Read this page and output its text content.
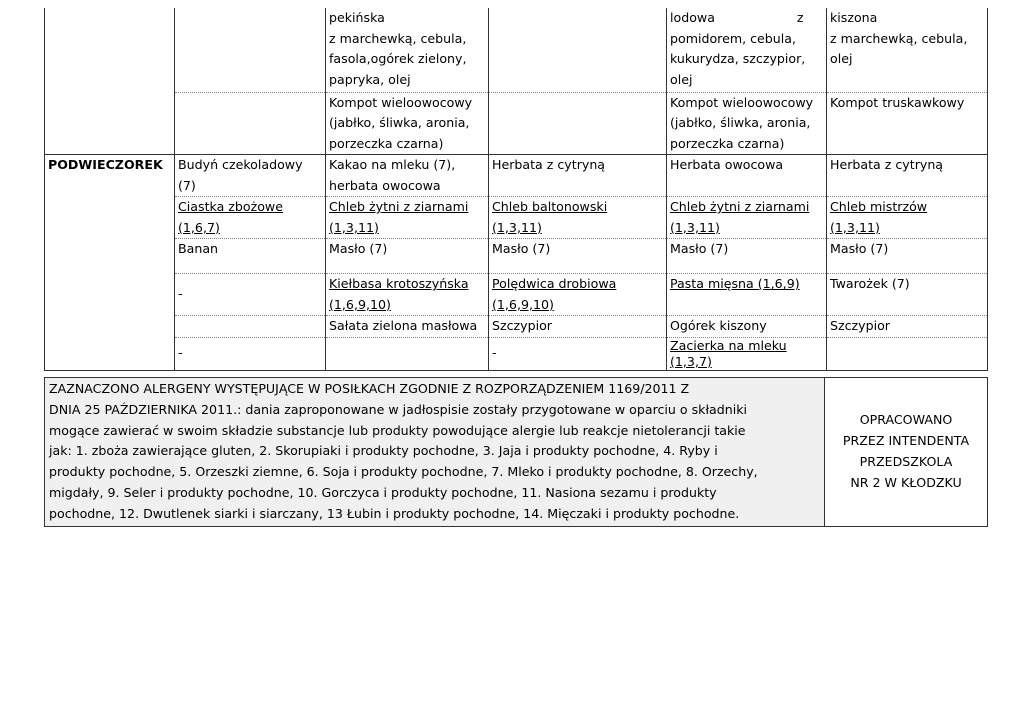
		pekińska
z marchewką, cebula,
fasola,ogórek zielony,
papryka, olej		lodowa z
pomidorem, cebula,
kukurydza, szczypior,
olej	kiszona
z marchewką, cebula,
olej

		Kompot wieloowocowy
(jabłko, śliwka, aronia,
porzeczka czarna)		Kompot wieloowocowy
(jabłko, śliwka, aronia,
porzeczka czarna)	Kompot truskawkowy

PODWIECZOREK	Budyń czekoladowy
(7)	Kakao na mleku (7),
herbata owocowa	Herbata z cytryną	Herbata owocowa	Herbata z cytryną

	Ciastka zbożowe
(1,6,7)	Chleb żytni z ziarnami
(1,3,11)	Chleb baltonowski
(1,3,11)	Chleb żytni z ziarnami
(1,3,11)	Chleb mistrzów
(1,3,11)

	Banan	Masło (7)	Masło (7)	Masło (7)	Masło (7)

	-	Kiełbasa krotoszyńska
(1,6,9,10)	Polędwica drobiowa
(1,6,9,10)	Pasta mięsna (1,6,9)	Twarożek (7)

		Sałata zielona masłowa	Szczypior	Ogórek kiszony	Szczypior

	-		-	Zacierka na mleku
(1,3,7)	

ZAZNACZONO ALERGENY WYSTĘPUJĄCE W POSIŁKACH ZGODNIE Z ROZPORZĄDZENIEM 1169/2011 Z
DNIA 25 PAŹDZIERNIKA 2011.: dania zaproponowane w jadłospisie zostały przygotowane w oparciu o składniki
mogące zawierać w swoim składzie substancje lub produkty powodujące alergie lub reakcje nietolerancji takie
jak: 1. zboża zawierające gluten, 2. Skorupiaki i produkty pochodne, 3. Jaja i produkty pochodne, 4. Ryby i
produkty pochodne, 5. Orzeszki ziemne, 6. Soja i produkty pochodne, 7. Mleko i produkty pochodne, 8. Orzechy,
migdały, 9. Seler i produkty pochodne, 10. Gorczyca i produkty pochodne, 11. Nasiona sezamu i produkty
pochodne, 12. Dwutlenek siarki i siarczany, 13 Łubin i produkty pochodne, 14. Mięczaki i produkty pochodne.

OPRACOWANO
PRZEZ INTENDENTA
PRZEDSZKOLA
NR 2 W KŁODZKU
